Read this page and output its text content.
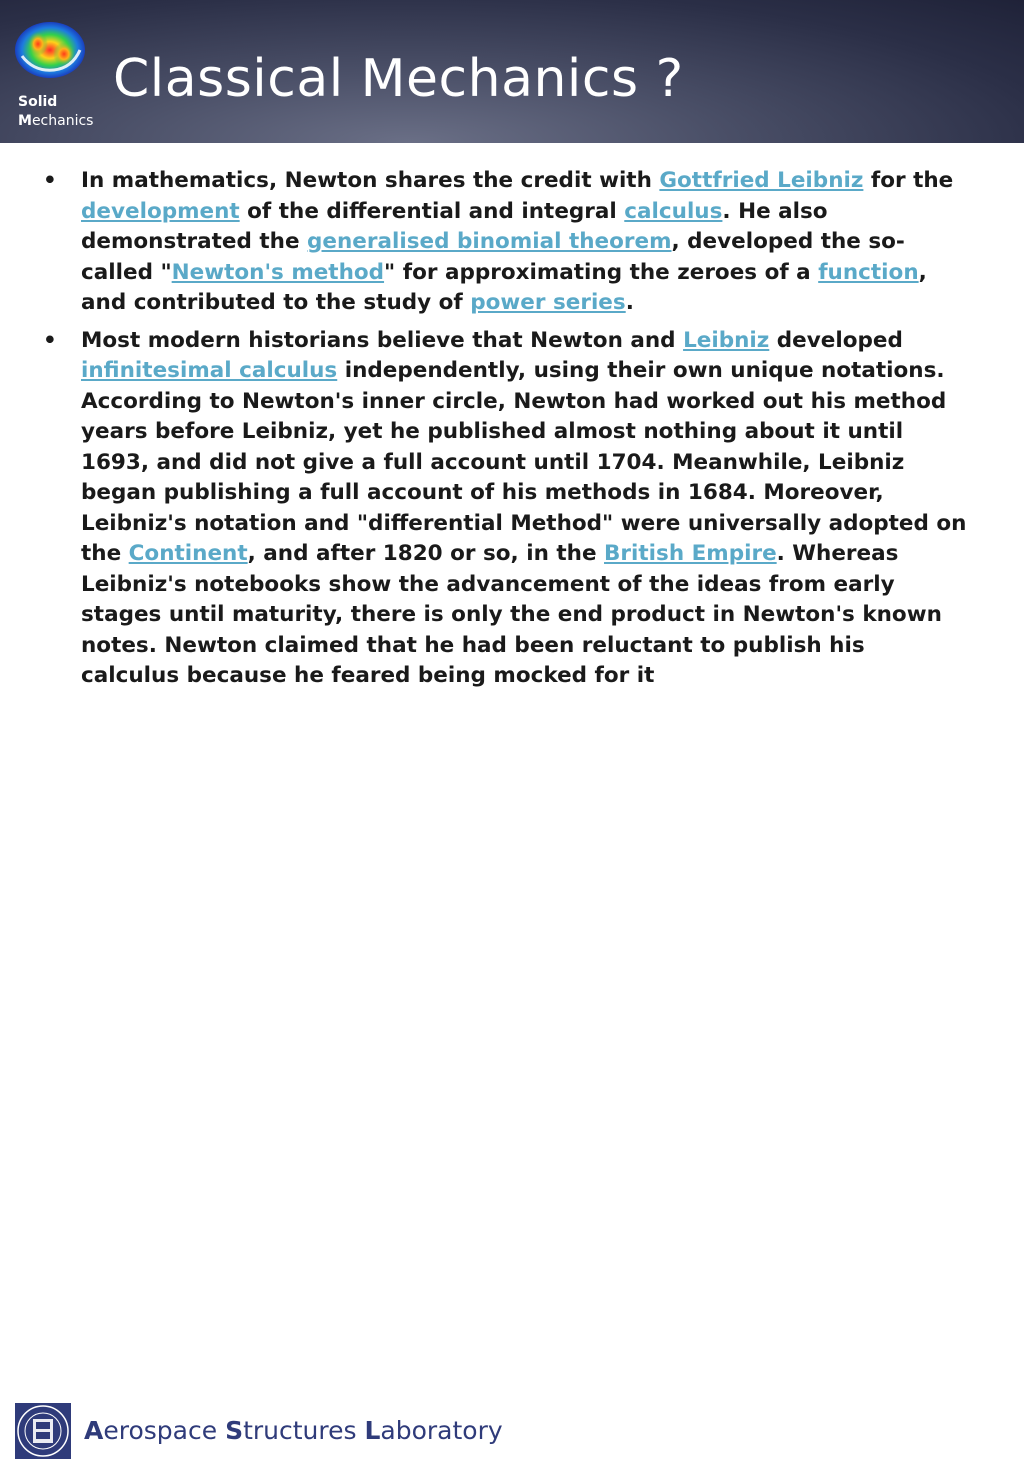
Solid
Mechanics
Classical Mechanics ?
• In mathematics, Newton shares the credit with Gottfried Leibniz for the development of the differential and integral calculus. He also demonstrated the generalised binomial theorem, developed the so-called "Newton's method" for approximating the zeroes of a function, and contributed to the study of power series.
• Most modern historians believe that Newton and Leibniz developed infinitesimal calculus independently, using their own unique notations. According to Newton's inner circle, Newton had worked out his method years before Leibniz, yet he published almost nothing about it until 1693, and did not give a full account until 1704. Meanwhile, Leibniz began publishing a full account of his methods in 1684. Moreover, Leibniz's notation and "differential Method" were universally adopted on the Continent, and after 1820 or so, in the British Empire. Whereas Leibniz's notebooks show the advancement of the ideas from early stages until maturity, there is only the end product in Newton's known notes. Newton claimed that he had been reluctant to publish his calculus because he feared being mocked for it
Aerospace Structures Laboratory
